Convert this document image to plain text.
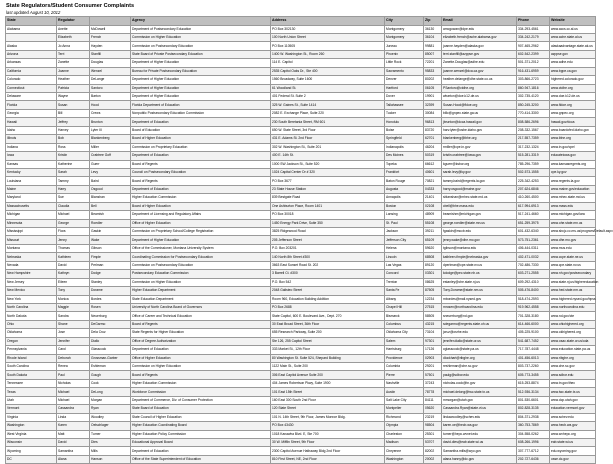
State Regulators/Student Consumer Complaints
last updated August 10, 2012
State	Regulator		Agency	Address	City	Zip	Email	Phone	Website
Alabama	Anette	McDowell	Department of Postsecondary Education	PO Box 302130	Montgomery	36130	amcgowan@dpe.edu	334-293-4561	www.accs.cc.al.us
	Elizabeth	French	Commission on Higher Education	100 North Union Street	Montgomery	36104	elizabeth.french@ache.alabama.gov	334-242-2179	www.ache.state.al.us
Alaska	Jo Anna	Hayden	Commission on Postsecondary Education	PO Box 110505	Juneau	99881	joanne.hayden@alaska.gov	907-465-2962	alaskaadvantage.state.ak.us
Arizona	Terri	Stanfill	State Board of Private Postsecondary Education	1400 W. Washington St., Room 260	Phoenix	85007	terri.stanfill@azppse.gov	602-542-2399	azppse.gov
Arkansas	Zanette	Douglas	Department of Higher Education	114 E. Capitol	Little Rock	72201	Zanette.Douglas@adhe.edu	501-371-2012	www.adhe.edu
California	Joanne	Wenzel	Bureau for Private Postsecondary Education	2535 Capitol Oaks Dr., Ste 400	Sacramento	95833	joanne.wenzel@dca.ca.gov	916-431-6959	www.bppe.ca.gov
Colorado	Heather	DeLange	Department of Higher Education	1560 Broadway, Suite 1600	Denver	80202	heather.delange@dhe.state.co.us	303-866-2723	highered.colorado.gov
Connecticut	Patricia	Santoro	Department of Higher Education	61 Woodland St.	Hartford	06105	PSantoro@ctdhe.org	860-947-1816	www.ctdhe.org
Delaware	Wayne	Barton	Department of Higher Education	401 Federal St. Suite 2	Dover	19901	wbarton@doe.k12.de.us	302-735-4120	www.doe.k12.de.us
Florida	Susan	Hood	Florida Department of Education	325 W. Gaines St., Suite 1414	Tallahassee	32399	Susan.Hood@fldoe.org	850-245-3200	www.fldoe.org
Georgia	Bill	Crews	Nonpublic Postsecondary Education Commission	2082 E. Exchange Place, Suite 220	Tucker	30084	billc@gnpec.state.ga.us	770-414-3300	www.gnpec.org
Hawaii	Jeffrey	Brunton	Department of Education	230 South Beretania Street, RM 601	Honolulu	96813	jbrunton@dcca.hawaii.gov	808-586-2696	hawaii.gov/dcca
Idaho	Harvey	Lyter III	Board of Education	650 W. State Street, 3rd Floor	Boise	83720	harv.lyter@osbe.idaho.gov	208-332-1567	www.boardofed.idaho.gov
Illinois	Bob	Blankenberg	Board of Higher Education	431 E. Adams St. 2nd Floor	Springfield	62701	blankenberg@ibhe.org	217-557-7359	www.ibhe.org
Indiana	Ross	Miller	Commission on Proprietary Education	302 W. Washington St., Suite 201	Indianapolis	46204	rmiller@cpe.in.gov	317-232-1324	www.in.gov/cpe/
Iowa	Kristin	Crabtree Goff	Department of Education	400 E. 14th St.	Des Moines	50319	kristin.crabtree@iowa.gov	515-281-3319	educateiowa.gov
Kansas	Katherine	Guerr	Board of Regents	1000 SW Jackson St., Suite 520	Topeka	66612	kguerr@ksbor.org	785-296-7359	www.kansasregents.org
Kentucky	Sarah	Levy	Council on Postsecondary Education	1024 Capital Center Dr # 320	Frankfort	40601	sarah.levy@ky.gov	502-573-1555	cpe.ky.gov
Louisiana	Tammy	Baird	Board of Regents	PO Box 3677	Baton Rouge	70821	tammy.baird@regents.la.gov	225-342-4253	www.regents.la.gov
Maine	Harry	Osgood	Department of Education	23 State House Station	Augusta	04333	harry.osgood@maine.gov	207-624-6846	www.maine.gov/education
Maryland	Sue	Blanshan	Higher Education Commission	839 Bestgate Road	Annapolis	21401	sblanshan@mhec.state.md.us	410-260-4500	www.mhec.state.md.us
Massachusetts	Claudia	Bell	Board of Higher Education	One Ashburton Place, Room 1401	Boston	02108	cbell@bhe.mass.edu	617-994-6913	www.mass.edu
Michigan	Michael	Beamish	Department of Licensing and Regulatory Affairs	PO Box 30018	Lansing	48909	beamishm@michigan.gov	517-241-4660	www.michigan.gov/lara
Minnesota	George	Roedler	Office of Higher Education	1450 Energy Park Drive, Suite 350	St. Paul	55108	george.roedler@state.mn.us	651-259-3975	www.ohe.state.mn.us
Mississippi	Flora	Gaskin	Commission on Proprietary School/College Registration	3825 Ridgewood Road	Jackson	39211	fgaskin@mccb.edu	601-432-6340	www.sbcjc.cc.ms.us/program/Default.aspx
Missouri	Jenny	Wake	Department of Higher Education	205 Jefferson Street	Jefferson City	65109	jenny.wake@dhe.mo.gov	573-751-2361	www.dhe.mo.gov
Montana	Thomas	Gibson	Office of the Commissioner, Montana University System	P.O. Box 203201	Helena	59620	tgibson@montana.edu	406-444-0311	www.mus.edu
Nebraska	Kathleen	Fimple	Coordinating Commission for Postsecondary Education	140 North 8th Street #300	Lincoln	68508	kathleen.fimple@nebraska.gov	402-471-0032	www.ccpe.state.ne.us
Nevada	David	Perlman	Commission on Postsecondary Education	3663 East Sunset Road St. 202	Las Vegas	89120	dperlman@cpe.state.nv.us	702-486-7330	www.cpe.state.nv.us
New Hampshire	Kathryn	Dodge	Postsecondary Education Commission	3 Barrell Ct. #300	Concord	03301	kdodge@pec.state.nh.us	603-271-2555	www.nh.gov/postsecondary
New Jersey	Eileen	Stanley	Commission on Higher Education	P.O. Box 542	Trenton	08625	estanley@che.state.nj.us	609-292-4310	www.state.nj.us/highereducation
New Mexico	Tony	Dorame	Higher Education Department	2048 Galisteo Street	Santa Fe	87505	Tony.Dorame@state.nm.us	505-476-8400	www.hed.state.nm.us
New York	Monica	Bordes	State Education Department	Room 960, Education Building Addition	Albany	12234	mbordes@mail.nysed.gov	518-474-2593	www.highered.nysed.gov/bpss
North Carolina	Maggie	Rosen	University of North Carolina Board of Governors	PO Box 2688	Chapel Hill	27515	mrosen@northcarolina.edu	919-962-4558	www.northcarolina.edu
North Dakota	Sandra	Neuerburg	Office of Career and Technical Education	State Capitol, 600 E. Boulevard Ave., Dept. 270	Bismarck	58505	sneuerburg@nd.gov	701-328-3180	www.nd.gov/cte
Ohio	Shane	DeGarmo	Board of Regents	30 East Broad Street, 36th Floor	Columbus	43215	sdegarmo@regents.state.oh.us	614-466-6000	www.ohiohighered.org
Oklahoma	Jose	Dela Cruz	State Regents for Higher Education	655 Research Parkway, Suite 200	Oklahoma City	73104	jcruz@osrhe.edu	405-225-9100	www.okhighered.org
Oregon	Jennifer	Diallo	Office of Degree Authorization	Ste 126, 255 Capitol Street	Salem	97301	jennifer.diallo@state.or.us	541-687-7452	www.osac.state.or.us/oda
Pennsylvania	Carol	Glasscock	Department of Education	333 Market St., 12th Floor	Harrisburg	17126	cglasscock@state.pa.us	717-787-4448	www.education.state.pa.us
Rhode Island	Deborah	Grossman-Garber	Office of Higher Education	80 Washington St. Suite 524, Shepard Building	Providence	02903	dlockhart@ribghe.org	401-456-6013	www.ribghe.org
South Carolina	Renea	Eshleman	Commission on Higher Education	1122 Main St., Suite 200	Columbia	29201	reshleman@che.sc.gov	803-737-2260	www.che.sc.gov
South Dakota	Paul	Gough	Board of Regents	306 East Capitol Avenue Suite 200	Pierre	57501	paulg@sdbor.edu	605-773-3455	www.sdbor.edu
Tennessee	Nicholas	Cook	Higher Education Commission	404 James Robertson Pkwy, Suite 1900	Nashville	37243	nicholas.cook@tn.gov	615-253-8874	www.tn.gov/thec
Texas	Michael	DeLong	Workforce Commission	101 East 15th Street	Austin	78778	michael.delong@twc.state.tx.us	512-936-3134	www.twc.state.tx.us
Utah	Michael	Morgan	Department of Commerce, Div. of Consumer Protection	160 East 300 South 2nd Floor	Salt Lake City	84111	mmorgan@utah.gov	801-530-6601	www.dcp.utah.gov
Vermont	Cassandra	Ryan	State Board of Education	120 State Street	Montpelier	05620	Cassandra.Ryan@state.vt.us	802-828-3135	education.vermont.gov
Virginia	Linda	Woodley	State Council of Higher Education	101 N. 14th Street, 9th Floor, James Monroe Bldg.	Richmond	23219	lindawoodley@schev.edu	804-371-2938	www.schev.edu
Washington	Karen	Oelschlager	Higher Education Coordinating Board	PO Box 43430	Olympia	98504	karen.oe@hecb.wa.gov	360-753-7869	www.hecb.wa.gov
West Virginia	Matt	Turner	Higher Education Policy Commission	1018 Kanawha Blvd. E, Ste 700	Charleston	25301	turner@hepc.wvnet.edu	304-558-0262	www.wvhepc.org
Wisconsin	David	Dies	Educational Approval Board	30 W. Mifflin Street, 9th Floor	Madison	53707	david.dies@eab.state.wi.us	608-266-1996	eab.state.wi.us
Wyoming	Samantha	Mills	Department of Education	2300 Capitol Avenue Hathaway Bldg 2nd Floor	Cheyenne	82002	Samantha.mills@wyo.gov	307-777-6712	edu.wyoming.gov
DC	Alana	Hanson	Office of the State Superintendent of Education	810 First Street, NE, 2nd Floor	Washington	20002	alana.hanny@dc.gov	202-727-6436	osse.dc.gov
